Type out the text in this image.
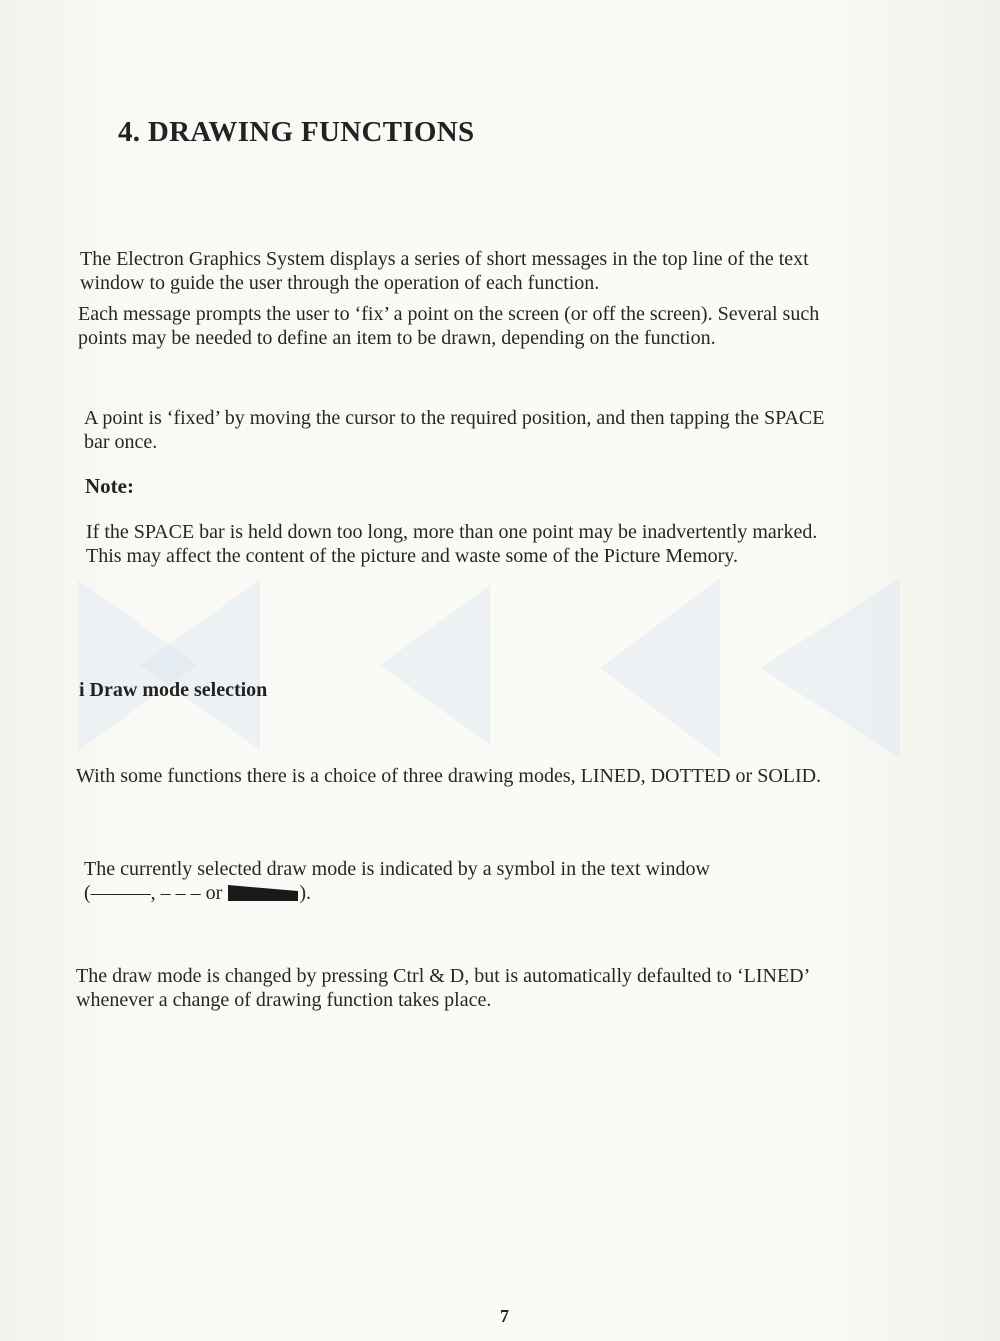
4. DRAWING FUNCTIONS

The Electron Graphics System displays a series of short messages in the top line of the text
window to guide the user through the operation of each function.

Each message prompts the user to ‘fix’ a point on the screen (or off the screen). Several such
points may be needed to define an item to be drawn, depending on the function.

A point is ‘fixed’ by moving the cursor to the required position, and then tapping the SPACE
bar once.

Note:

If the SPACE bar is held down too long, more than one point may be inadvertently marked.
This may affect the content of the picture and waste some of the Picture Memory.

i Draw mode selection

With some functions there is a choice of three drawing modes, LINED, DOTTED or SOLID.

The currently selected draw mode is indicated by a symbol in the text window
(———, – – – or	).

The draw mode is changed by pressing Ctrl & D, but is automatically defaulted to ‘LINED’
whenever a change of drawing function takes place.

7
